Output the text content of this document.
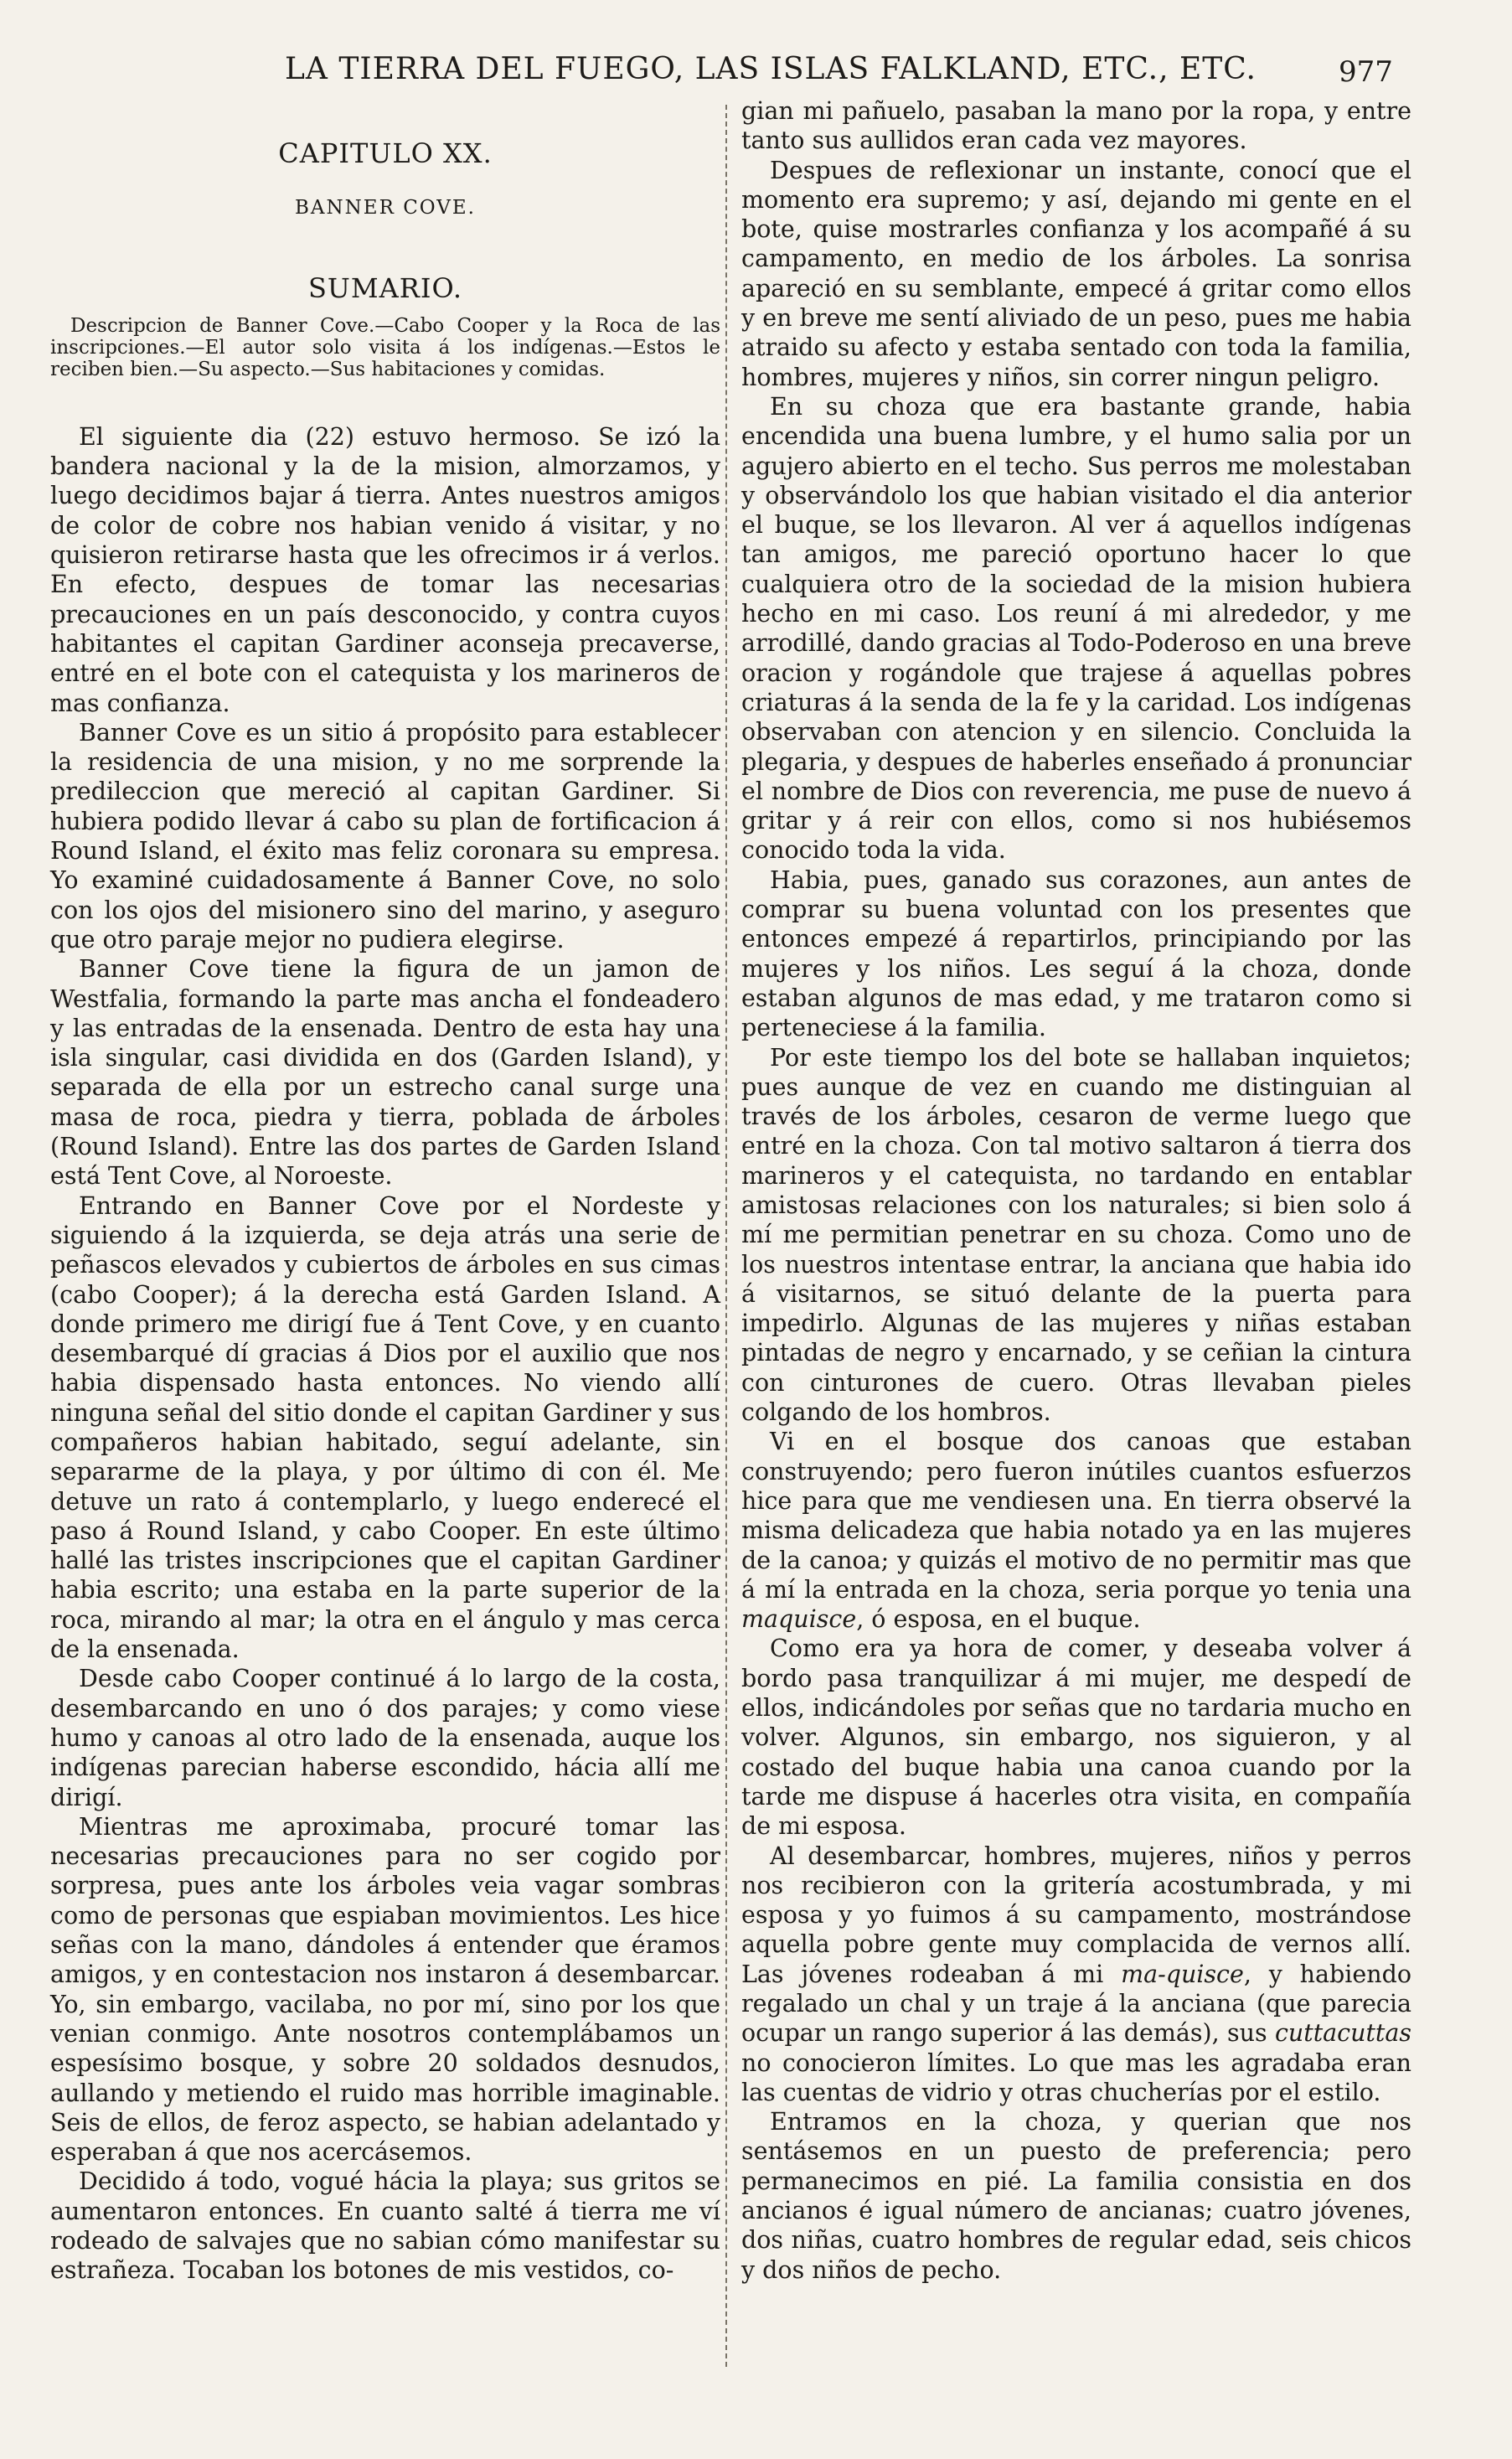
LA TIERRA DEL FUEGO, LAS ISLAS FALKLAND, ETC., ETC.	977
CAPITULO XX.
BANNER COVE.
SUMARIO.

Descripcion de Banner Cove.—Cabo Cooper y la Roca de las inscripciones.—El autor solo visita á los indígenas.—Estos le reciben bien.—Su aspecto.—Sus habitaciones y comidas.

El siguiente dia (22) estuvo hermoso. Se izó la bandera nacional y la de la mision, almorzamos, y luego decidimos bajar á tierra. Antes nuestros amigos de color de cobre nos habian venido á visitar, y no quisieron retirarse hasta que les ofrecimos ir á verlos. En efecto, despues de tomar las necesarias precauciones en un país desconocido, y contra cuyos habitantes el capitan Gardiner aconseja precaverse, entré en el bote con el catequista y los marineros de mas confianza.

Banner Cove es un sitio á propósito para establecer la residencia de una mision, y no me sorprende la predileccion que mereció al capitan Gardiner. Si hubiera podido llevar á cabo su plan de fortificacion á Round Island, el éxito mas feliz coronara su empresa. Yo examiné cuidadosamente á Banner Cove, no solo con los ojos del misionero sino del marino, y aseguro que otro paraje mejor no pudiera elegirse.

Banner Cove tiene la figura de un jamon de Westfalia, formando la parte mas ancha el fondeadero y las entradas de la ensenada. Dentro de esta hay una isla singular, casi dividida en dos (Garden Island), y separada de ella por un estrecho canal surge una masa de roca, piedra y tierra, poblada de árboles (Round Island). Entre las dos partes de Garden Island está Tent Cove, al Noroeste.

Entrando en Banner Cove por el Nordeste y siguiendo á la izquierda, se deja atrás una serie de peñascos elevados y cubiertos de árboles en sus cimas (cabo Cooper); á la derecha está Garden Island. A donde primero me dirigí fue á Tent Cove, y en cuanto desembarqué dí gracias á Dios por el auxilio que nos habia dispensado hasta entonces. No viendo allí ninguna señal del sitio donde el capitan Gardiner y sus compañeros habian habitado, seguí adelante, sin separarme de la playa, y por último di con él. Me detuve un rato á contemplarlo, y luego enderecé el paso á Round Island, y cabo Cooper. En este último hallé las tristes inscripciones que el capitan Gardiner habia escrito; una estaba en la parte superior de la roca, mirando al mar; la otra en el ángulo y mas cerca de la ensenada.

Desde cabo Cooper continué á lo largo de la costa, desembarcando en uno ó dos parajes; y como viese humo y canoas al otro lado de la ensenada, auque los indígenas parecian haberse escondido, hácia allí me dirigí.

Mientras me aproximaba, procuré tomar las necesarias precauciones para no ser cogido por sorpresa, pues ante los árboles veia vagar sombras como de personas que espiaban movimientos. Les hice señas con la mano, dándoles á entender que éramos amigos, y en contestacion nos instaron á desembarcar. Yo, sin embargo, vacilaba, no por mí, sino por los que venian conmigo. Ante nosotros contemplábamos un espesísimo bosque, y sobre 20 soldados desnudos, aullando y metiendo el ruido mas horrible imaginable. Seis de ellos, de feroz aspecto, se habian adelantado y esperaban á que nos acercásemos.

Decidido á todo, vogué hácia la playa; sus gritos se aumentaron entonces. En cuanto salté á tierra me ví rodeado de salvajes que no sabian cómo manifestar su estrañeza. Tocaban los botones de mis vestidos, co-

gian mi pañuelo, pasaban la mano por la ropa, y entre tanto sus aullidos eran cada vez mayores.

Despues de reflexionar un instante, conocí que el momento era supremo; y así, dejando mi gente en el bote, quise mostrarles confianza y los acompañé á su campamento, en medio de los árboles. La sonrisa apareció en su semblante, empecé á gritar como ellos y en breve me sentí aliviado de un peso, pues me habia atraido su afecto y estaba sentado con toda la familia, hombres, mujeres y niños, sin correr ningun peligro.

En su choza que era bastante grande, habia encendida una buena lumbre, y el humo salia por un agujero abierto en el techo. Sus perros me molestaban y observándolo los que habian visitado el dia anterior el buque, se los llevaron. Al ver á aquellos indígenas tan amigos, me pareció oportuno hacer lo que cualquiera otro de la sociedad de la mision hubiera hecho en mi caso. Los reuní á mi alrededor, y me arrodillé, dando gracias al Todo-Poderoso en una breve oracion y rogándole que trajese á aquellas pobres criaturas á la senda de la fe y la caridad. Los indígenas observaban con atencion y en silencio. Concluida la plegaria, y despues de haberles enseñado á pronunciar el nombre de Dios con reverencia, me puse de nuevo á gritar y á reir con ellos, como si nos hubiésemos conocido toda la vida.

Habia, pues, ganado sus corazones, aun antes de comprar su buena voluntad con los presentes que entonces empezé á repartirlos, principiando por las mujeres y los niños. Les seguí á la choza, donde estaban algunos de mas edad, y me trataron como si perteneciese á la familia.

Por este tiempo los del bote se hallaban inquietos; pues aunque de vez en cuando me distinguian al través de los árboles, cesaron de verme luego que entré en la choza. Con tal motivo saltaron á tierra dos marineros y el catequista, no tardando en entablar amistosas relaciones con los naturales; si bien solo á mí me permitian penetrar en su choza. Como uno de los nuestros intentase entrar, la anciana que habia ido á visitarnos, se situó delante de la puerta para impedirlo. Algunas de las mujeres y niñas estaban pintadas de negro y encarnado, y se ceñian la cintura con cinturones de cuero. Otras llevaban pieles colgando de los hombros.

Vi en el bosque dos canoas que estaban construyendo; pero fueron inútiles cuantos esfuerzos hice para que me vendiesen una. En tierra observé la misma delicadeza que habia notado ya en las mujeres de la canoa; y quizás el motivo de no permitir mas que á mí la entrada en la choza, seria porque yo tenia una maquisce, ó esposa, en el buque.

Como era ya hora de comer, y deseaba volver á bordo pasa tranquilizar á mi mujer, me despedí de ellos, indicándoles por señas que no tardaria mucho en volver. Algunos, sin embargo, nos siguieron, y al costado del buque habia una canoa cuando por la tarde me dispuse á hacerles otra visita, en compañía de mi esposa.

Al desembarcar, hombres, mujeres, niños y perros nos recibieron con la gritería acostumbrada, y mi esposa y yo fuimos á su campamento, mostrándose aquella pobre gente muy complacida de vernos allí. Las jóvenes rodeaban á mi ma-quisce, y habiendo regalado un chal y un traje á la anciana (que parecia ocupar un rango superior á las demás), sus cuttacuttas no conocieron límites. Lo que mas les agradaba eran las cuentas de vidrio y otras chucherías por el estilo.

Entramos en la choza, y querian que nos sentásemos en un puesto de preferencia; pero permanecimos en pié. La familia consistia en dos ancianos é igual número de ancianas; cuatro jóvenes, dos niñas, cuatro hombres de regular edad, seis chicos y dos niños de pecho.
